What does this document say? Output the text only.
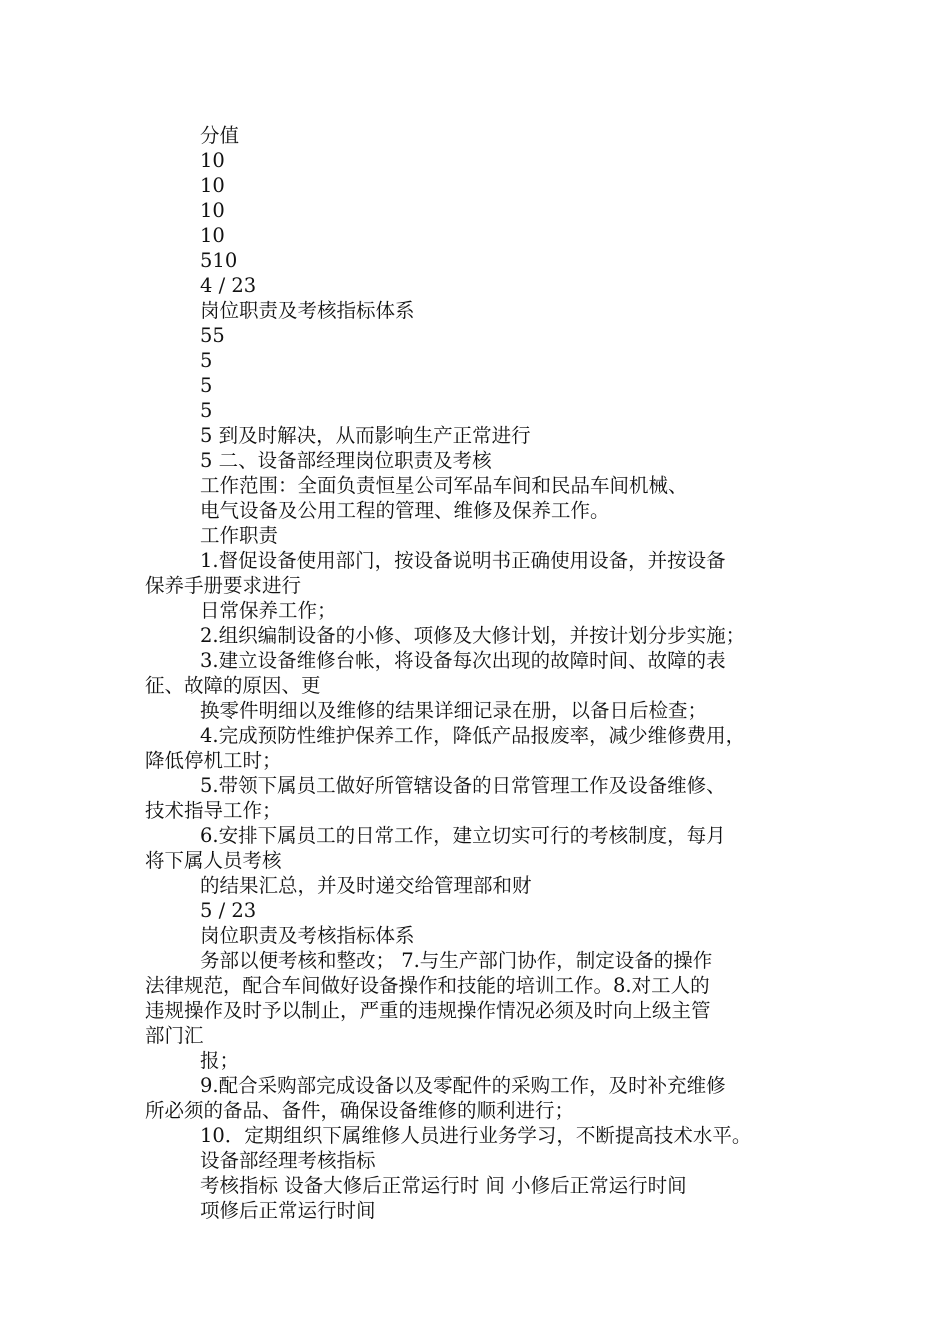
分值
10
10
10
10
510
4 / 23
岗位职责及考核指标体系
55
5
5
5
5 到及时解决，从而影响生产正常进行
5 二、设备部经理岗位职责及考核
工作范围：全面负责恒星公司军品车间和民品车间机械、
电气设备及公用工程的管理、维修及保养工作。
工作职责
1.督促设备使用部门，按设备说明书正确使用设备，并按设备
保养手册要求进行
日常保养工作；
2.组织编制设备的小修、项修及大修计划，并按计划分步实施；
3.建立设备维修台帐，将设备每次出现的故障时间、故障的表
征、故障的原因、更
换零件明细以及维修的结果详细记录在册，以备日后检查；
4.完成预防性维护保养工作，降低产品报废率，减少维修费用，
降低停机工时；
5.带领下属员工做好所管辖设备的日常管理工作及设备维修、
技术指导工作；
6.安排下属员工的日常工作，建立切实可行的考核制度，每月
将下属人员考核
的结果汇总，并及时递交给管理部和财
5 / 23
岗位职责及考核指标体系
务部以便考核和整改； 7.与生产部门协作，制定设备的操作
法律规范，配合车间做好设备操作和技能的培训工作。8.对工人的
违规操作及时予以制止，严重的违规操作情况必须及时向上级主管
部门汇
报；
9.配合采购部完成设备以及零配件的采购工作，及时补充维修
所必须的备品、备件，确保设备维修的顺利进行；
10．定期组织下属维修人员进行业务学习，不断提高技术水平。
设备部经理考核指标
考核指标 设备大修后正常运行时 间 小修后正常运行时间
项修后正常运行时间
